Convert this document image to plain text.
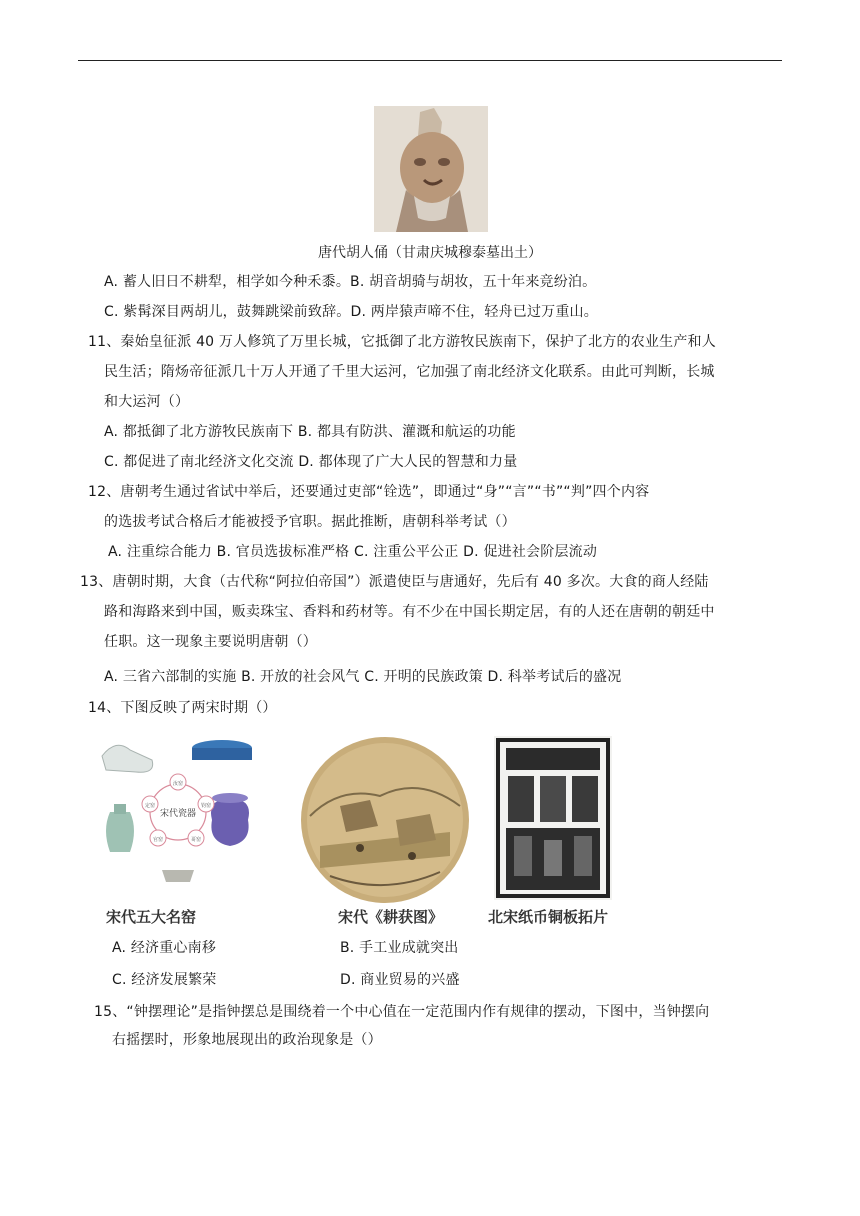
唐代胡人俑（甘肃庆城穆泰墓出土）
A. 蓄人旧日不耕犁，相学如今种禾黍。B. 胡音胡骑与胡妆，五十年来竞纷泊。
C. 紫髯深目两胡儿，鼓舞跳梁前致辞。D. 两岸猿声啼不住，轻舟已过万重山。
11、秦始皇征派 40 万人修筑了万里长城，它抵御了北方游牧民族南下，保护了北方的农业生产和人
民生活；隋炀帝征派几十万人开通了千里大运河，它加强了南北经济文化联系。由此可判断，长城
和大运河（）
A. 都抵御了北方游牧民族南下 B. 都具有防洪、灌溉和航运的功能
C. 都促进了南北经济文化交流 D. 都体现了广大人民的智慧和力量
12、唐朝考生通过省试中举后，还要通过吏部“铨选”，即通过“身”“言”“书”“判”四个内容
的选拔考试合格后才能被授予官职。据此推断，唐朝科举考试（）
A. 注重综合能力 B. 官员选拔标准严格 C. 注重公平公正 D. 促进社会阶层流动
13、唐朝时期，大食（古代称“阿拉伯帝国”）派遣使臣与唐通好，先后有 40 多次。大食的商人经陆
路和海路来到中国，贩卖珠宝、香料和药材等。有不少在中国长期定居，有的人还在唐朝的朝廷中
任职。这一现象主要说明唐朝（）
A. 三省六部制的实施 B. 开放的社会风气 C. 开明的民族政策 D. 科举考试后的盛况
14、下图反映了两宋时期（）
宋代瓷器
汝窑
钧窑
哥窑
官窑
定窑
宋代五大名窑	宋代《耕获图》	北宋纸币铜板拓片
A. 经济重心南移	B. 手工业成就突出
C. 经济发展繁荣	D. 商业贸易的兴盛
15、“钟摆理论”是指钟摆总是围绕着一个中心值在一定范围内作有规律的摆动，下图中，当钟摆向
右摇摆时，形象地展现出的政治现象是（）
